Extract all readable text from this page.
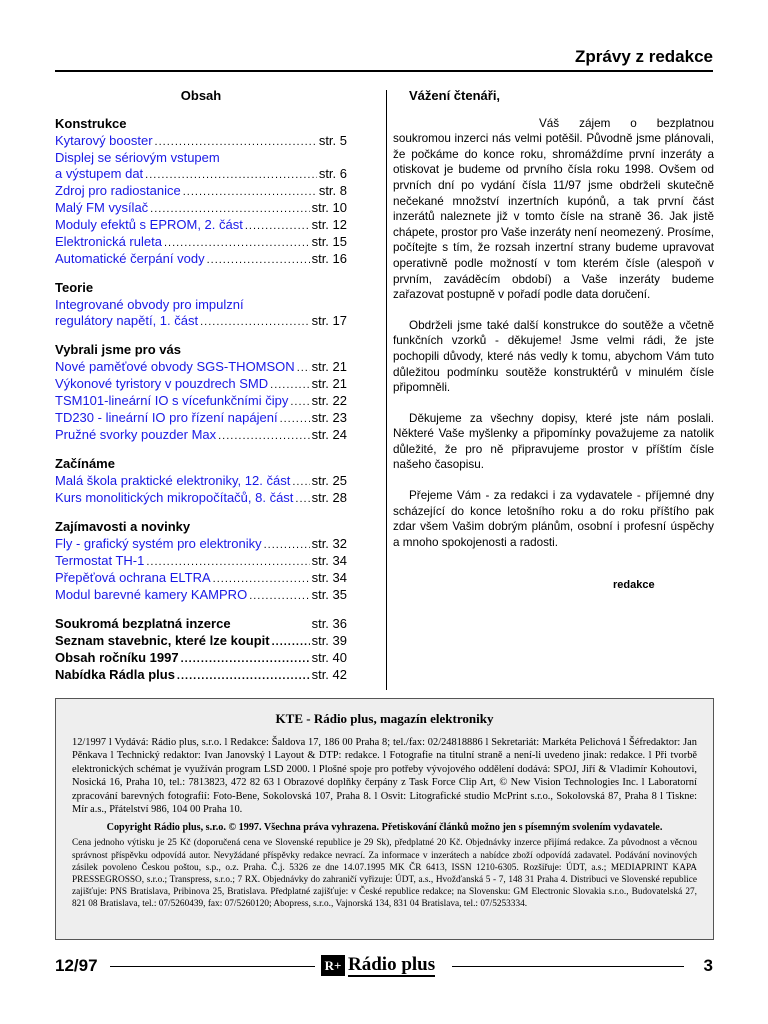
Zprávy z redakce
Obsah
Konstrukce
Kytarový booster .....	str. 5
Displej se sériovým vstupem
a výstupem dat .....	str. 6
Zdroj pro radiostanice .....	str. 8
Malý FM vysílač .....	str. 10
Moduly efektů s EPROM, 2. část .....	str. 12
Elektronická ruleta .....	str. 15
Automatické čerpání vody .....	str. 16
Teorie
Integrované obvody pro impulzní
regulátory napětí, 1. část .....	str. 17
Vybrali jsme pro vás
Nové paměťové obvody SGS-THOMSON ..... str. 21
Výkonové tyristory v pouzdrech SMD .....	str. 21
TSM101-lineární IO s vícefunkčními čipy ..... str. 22
TD230 - lineární IO pro řízení napájení .....	str. 23
Pružné svorky pouzder Max .....	str. 24
Začínáme
Malá škola praktické elektroniky, 12. část ..... str. 25
Kurs monolitických mikropočítačů, 8. část ..... str. 28
Zajímavosti a novinky
Fly - grafický systém pro elektroniky .....	str. 32
Termostat TH-1 .....	str. 34
Přepěťová ochrana ELTRA .....	str. 34
Modul barevné kamery KAMPRO .....	str. 35
Soukromá bezplatná inzerce	str. 36
Seznam stavebnic, které lze koupit .....	str. 39
Obsah ročníku 1997 .....	str. 40
Nabídka Rádla plus .....	str. 42
Vážení čtenáři,

Váš zájem o bezplatnou soukromou inzerci nás velmi potěšil. Původně jsme plánovali, že počkáme do konce roku, shromáždíme první inzeráty a otiskovat je budeme od prvního čísla roku 1998. Ovšem od prvních dní po vydání čísla 11/97 jsme obdrželi skutečně nečekané množství inzertních kupónů, a tak první část inzerátů naleznete již v tomto čísle na straně 36. Jak jistě chápete, prostor pro Vaše inzeráty není neomezený. Prosíme, počítejte s tím, že rozsah inzertní strany budeme upravovat operativně podle možností v tom kterém čísle (alespoň v prvním, zaváděcím období) a Vaše inzeráty budeme zařazovat postupně v pořadí podle data doručení.

Obdrželi jsme také další konstrukce do soutěže a včetně funkčních vzorků - děkujeme! Jsme velmi rádi, že jste pochopili důvody, které nás vedly k tomu, abychom Vám tuto důležitou podmínku soutěže konstruktérů v minulém čísle připomněli.

Děkujeme za všechny dopisy, které jste nám poslali. Některé Vaše myšlenky a připomínky považujeme za natolik důležité, že pro ně připravujeme prostor v příštím čísle našeho časopisu.

Přejeme Vám - za redakci i za vydavatele - příjemné dny scházející do konce letošního roku a do roku příštího pak zdar všem Vašim dobrým plánům, osobní i profesní úspěchy a mnoho spokojenosti a radosti.

redakce
KTE - Rádio plus, magazín elektroniky

12/1997 l Vydává: Rádio plus, s.r.o. l Redakce: Šaldova 17, 186 00 Praha 8; tel./fax: 02/24818886 l Sekretariát: Markéta Pelichová l Šéfredaktor: Jan Pěnkava l Technický redaktor: Ivan Janovský l Layout & DTP: redakce. l Fotografie na titulní straně a není-li uvedeno jinak: redakce. l Při tvorbě elektronických schémat je využíván program LSD 2000. l Plošné spoje pro potřeby vývojového oddělení dodává: SPOJ, Jiří & Vladimír Kohoutovi, Nosická 16, Praha 10, tel.: 7813823, 472 82 63 l Obrazové doplňky čerpány z Task Force Clip Art, © New Vision Technologies Inc. l Laboratorní zpracování barevných fotografií: Foto-Bene, Sokolovská 107, Praha 8. l Osvit: Litografické studio McPrint s.r.o., Sokolovská 87, Praha 8 l Tiskne: Mír a.s., Přátelství 986, 104 00 Praha 10.

Copyright Rádio plus, s.r.o. © 1997. Všechna práva vyhrazena. Přetiskování článků možno jen s písemným svolením vydavatele.

Cena jednoho výtisku je 25 Kč (doporučená cena ve Slovenské republice je 29 Sk), předplatné 20 Kč. Objednávky inzerce přijímá redakce. Za původnost a věcnou správnost příspěvku odpovídá autor. Nevyžádané příspěvky redakce nevrací. Za informace v inzerátech a nabídce zboží odpovídá zadavatel. Podávání novinových zásilek povoleno Českou poštou, s.p., o.z. Praha. Č.j. 5326 ze dne 14.07.1995 MK ČR 6413, ISSN 1210-6305. Rozšiřuje: ÚDT, a.s.; MEDIAPRINT KAPA PRESSEGROSSO, s.r.o.; Transpress, s.r.o.; 7 RX. Objednávky do zahraničí vyřizuje: ÚDT, a.s., Hvožďanská 5 - 7, 148 31 Praha 4. Distribuci ve Slovenské republice zajišťuje: PNS Bratislava, Pribinova 25, Bratislava. Předplatné zajišťuje: v České republice redakce; na Slovensku: GM Electronic Slovakia s.r.o., Budovatelská 27, 821 08 Bratislava, tel.: 07/5260439, fax: 07/5260120; Abopress, s.r.o., Vajnorská 134, 831 04 Bratislava, tel.: 07/5253334.

12/97	R+ Rádio plus	3
